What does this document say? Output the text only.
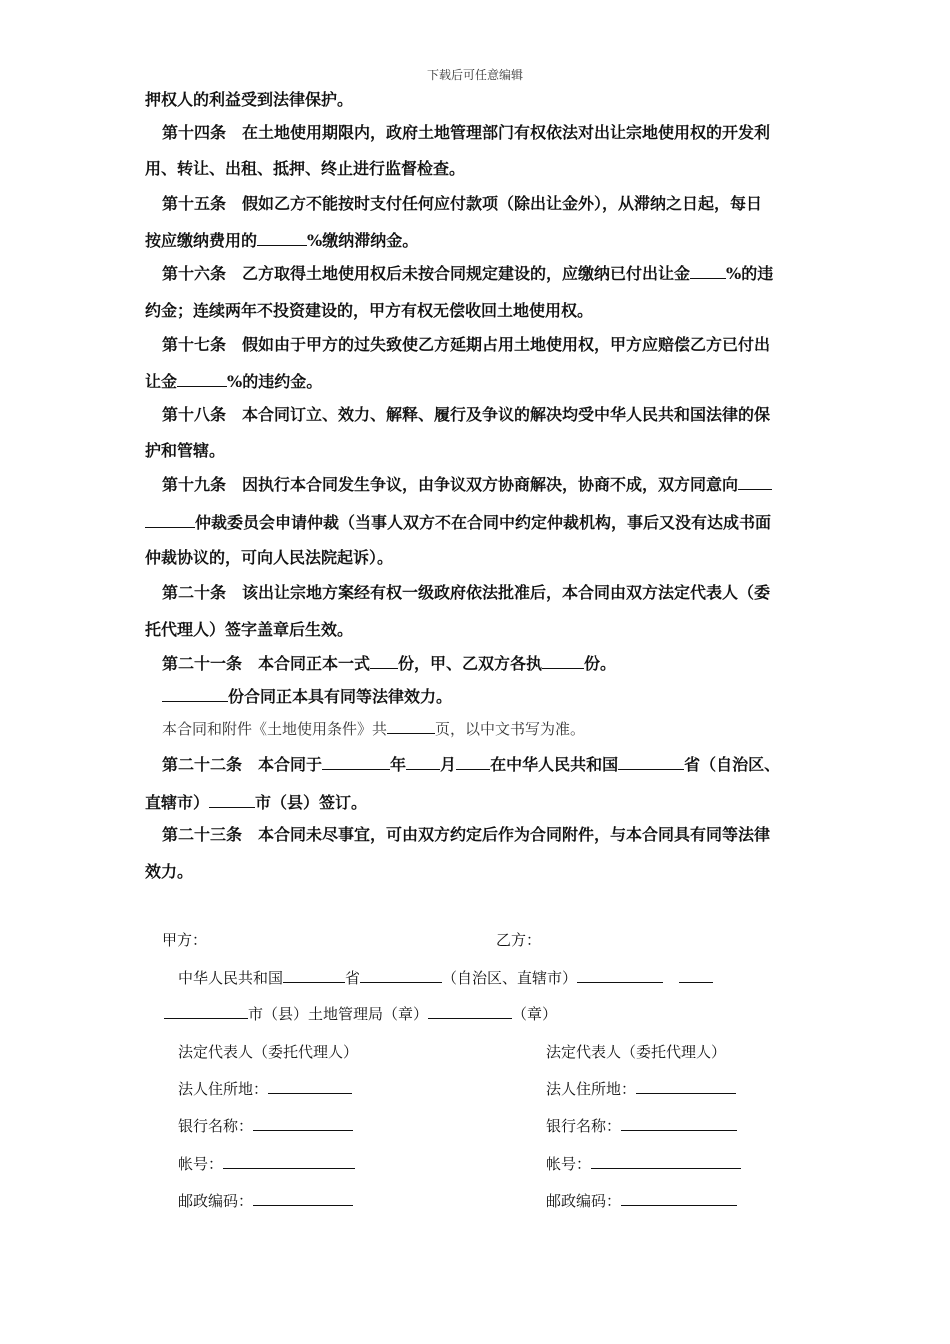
下载后可任意编辑
押权人的利益受到法律保护。
第十四条 在土地使用期限内，政府土地管理部门有权依法对出让宗地使用权的开发利
用、转让、出租、抵押、终止进行监督检查。
第十五条 假如乙方不能按时支付任何应付款项（除出让金外），从滞纳之日起，每日
按应缴纳费用的	%缴纳滞纳金。
第十六条 乙方取得土地使用权后未按合同规定建设的，应缴纳已付出让金 %的违
约金；连续两年不投资建设的，甲方有权无偿收回土地使用权。
第十七条 假如由于甲方的过失致使乙方延期占用土地使用权，甲方应赔偿乙方已付出
让金	%的违约金。
第十八条 本合同订立、效力、解释、履行及争议的解决均受中华人民共和国法律的保
护和管辖。
第十九条 因执行本合同发生争议，由争议双方协商解决，协商不成，双方同意向
仲裁委员会申请仲裁（当事人双方不在合同中约定仲裁机构，事后又没有达成书面
仲裁协议的，可向人民法院起诉）。
第二十条 该出让宗地方案经有权一级政府依法批准后，本合同由双方法定代表人（委
托代理人）签字盖章后生效。
第二十一条 本合同正本一式 份，甲、乙双方各执	份。
份合同正本具有同等法律效力。
本合同和附件《土地使用条件》共	页，以中文书写为准。
第二十二条 本合同于	年 月 在中华人民共和国	省（自治区、
直辖市）	市（县）签订。
第二十三条 本合同未尽事宜，可由双方约定后作为合同附件，与本合同具有同等法律
效力。
甲方：	乙方：
中华人民共和国	省	（自治区、直辖市）
市（县）土地管理局（章）	（章）
法定代表人（委托代理人）	法定代表人（委托代理人）
法人住所地：	法人住所地：
银行名称：	银行名称：
帐号：	帐号：
邮政编码：	邮政编码：
